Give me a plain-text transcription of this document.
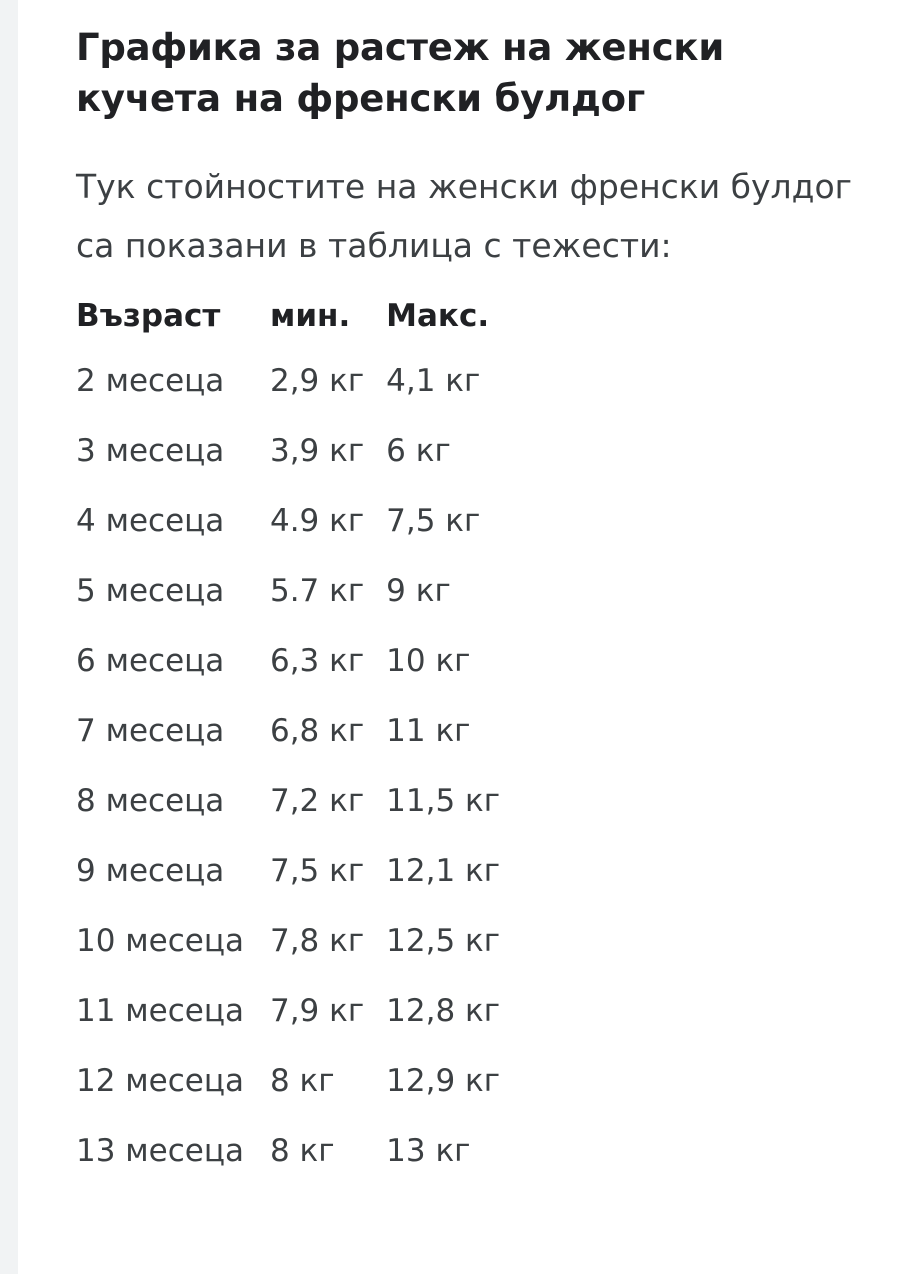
Графика за растеж на женски кучета на френски булдог

Тук стойностите на женски френски булдог са показани в таблица с тежести:

Възраст	мин.	Макс.
2 месеца	2,9 кг	4,1 кг
3 месеца	3,9 кг	6 кг
4 месеца	4.9 кг	7,5 кг
5 месеца	5.7 кг	9 кг
6 месеца	6,3 кг	10 кг
7 месеца	6,8 кг	11 кг
8 месеца	7,2 кг	11,5 кг
9 месеца	7,5 кг	12,1 кг
10 месеца	7,8 кг	12,5 кг
11 месеца	7,9 кг	12,8 кг
12 месеца	8 кг	12,9 кг
13 месеца	8 кг	13 кг
